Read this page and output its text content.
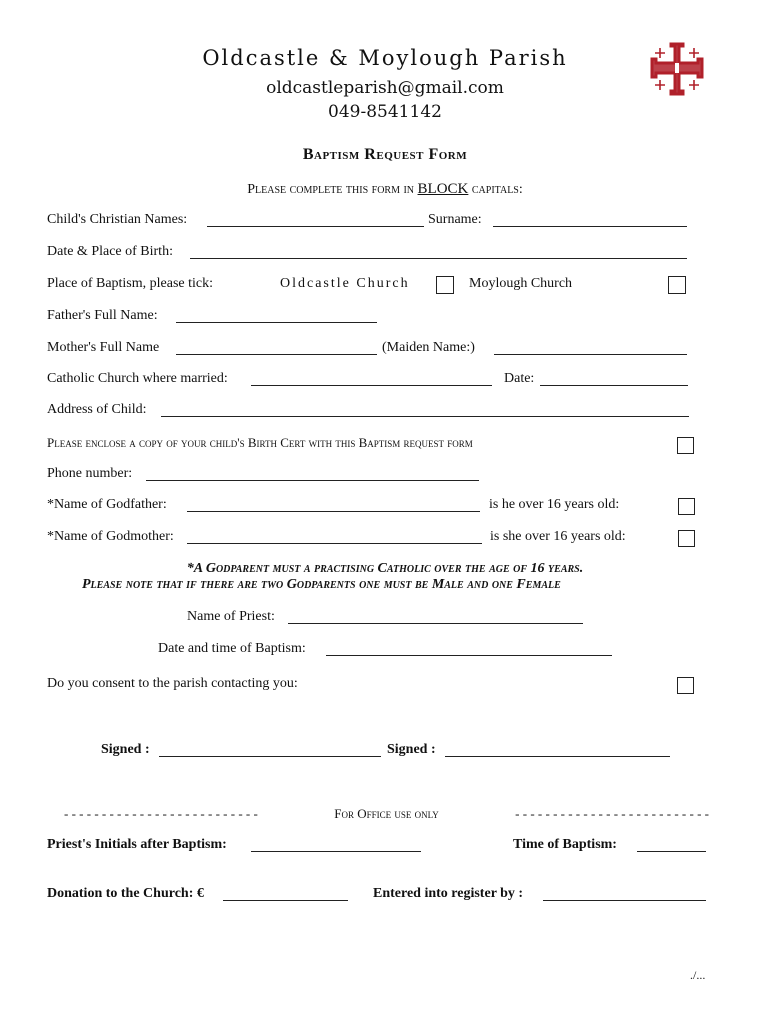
Oldcastle & Moylough Parish
oldcastleparish@gmail.com
049-8541142
Baptism Request Form
Please complete this form in BLOCK capitals:
Child's Christian Names:	Surname:
Date & Place of Birth:
Place of Baptism, please tick:	Oldcastle Church	Moylough Church
Father's Full Name:
Mother's Full Name	(Maiden Name:)
Catholic Church where married:	Date:
Address of Child:
Please enclose a copy of your child's Birth Cert with this Baptism request form
Phone number:
*Name of Godfather:	is he over 16 years old:
*Name of Godmother:	is she over 16 years old:
*A Godparent must a practising Catholic over the age of 16 years.
Please note that if there are two Godparents one must be Male and one Female
Name of Priest:
Date and time of Baptism:
Do you consent to the parish contacting you:
Signed :	Signed :
- - - - - - - - - - - - - - - - - - - - - - - - - -	For Office use only	- - - - - - - - - - - - - - - - - - - - - - - - - -
Priest's Initials after Baptism:	Time of Baptism:
Donation to the Church: €	Entered into register by :
./...
